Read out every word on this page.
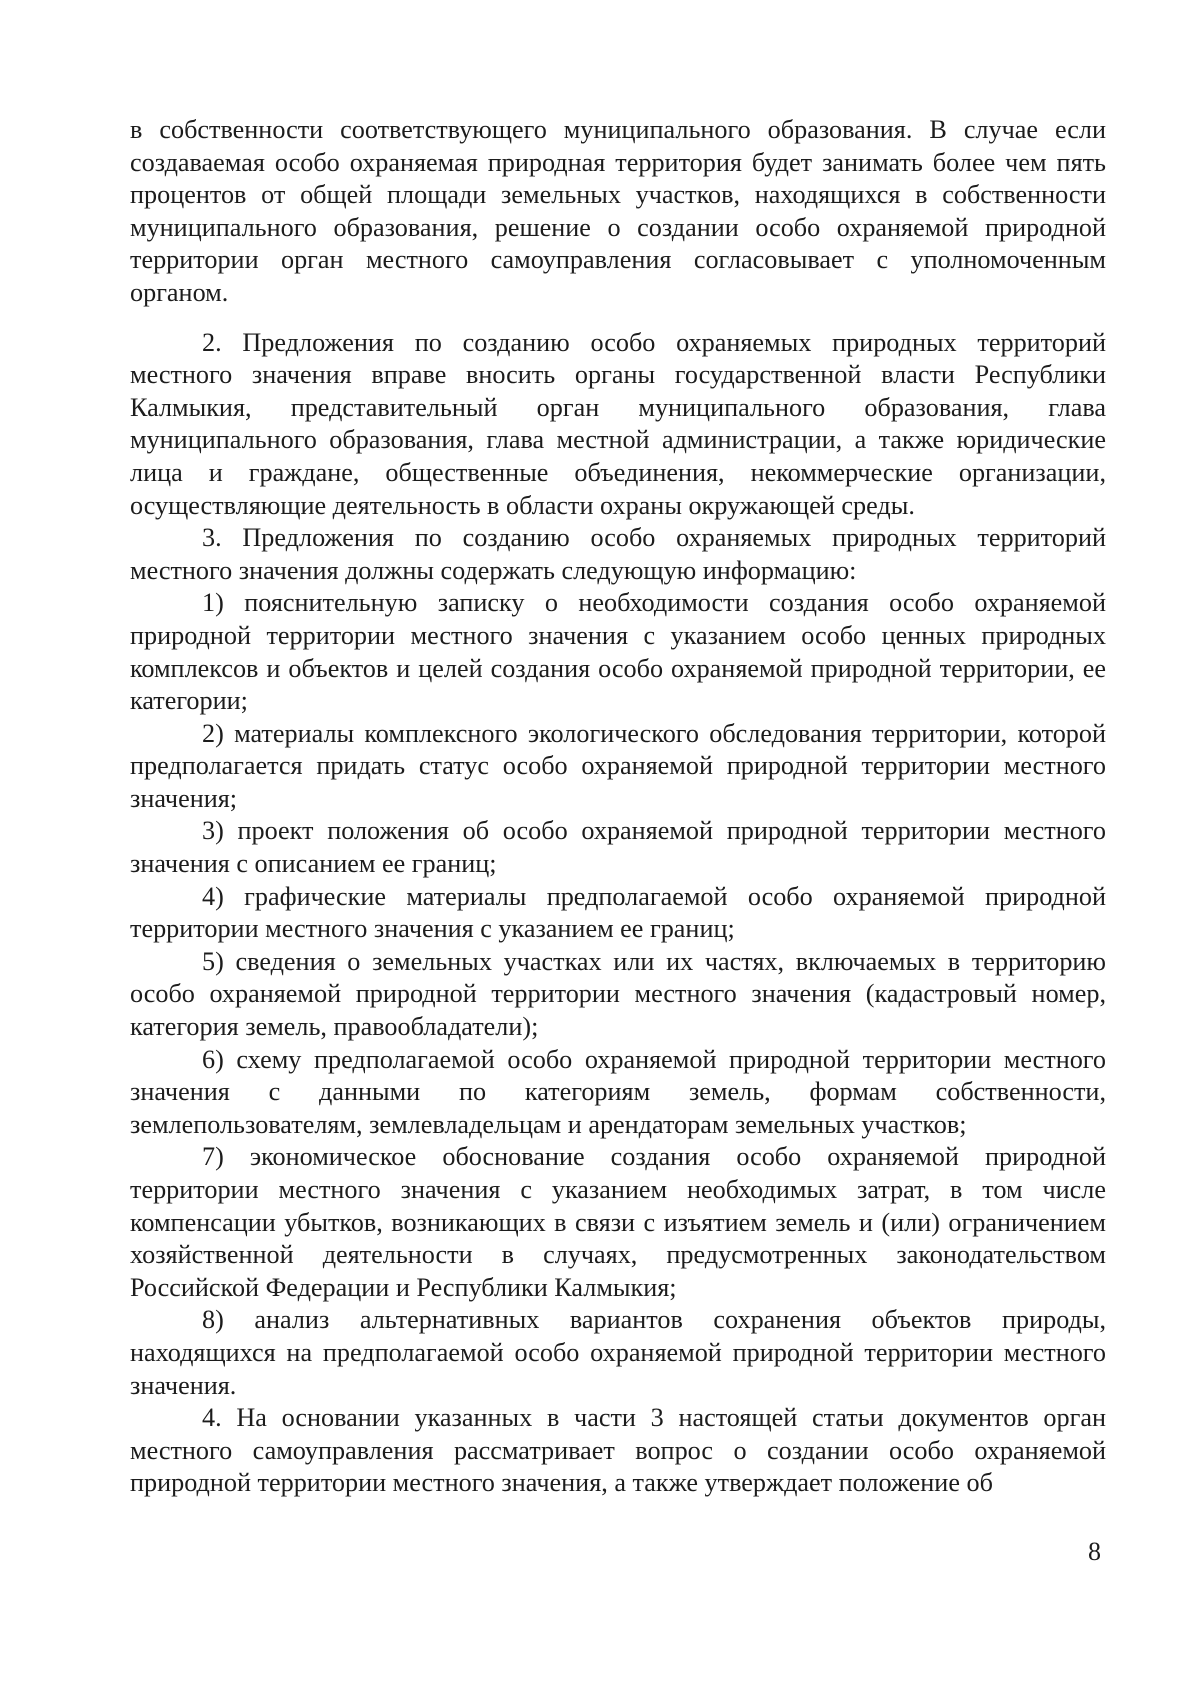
в собственности соответствующего муниципального образования. В случае если создаваемая особо охраняемая природная территория будет занимать более чем пять процентов от общей площади земельных участков, находящихся в собственности муниципального образования, решение о создании особо охраняемой природной территории орган местного самоуправления согласовывает с уполномоченным органом.

2. Предложения по созданию особо охраняемых природных территорий местного значения вправе вносить органы государственной власти Республики Калмыкия, представительный орган муниципального образования, глава муниципального образования, глава местной администрации, а также юридические лица и граждане, общественные объединения, некоммерческие организации, осуществляющие деятельность в области охраны окружающей среды.

3. Предложения по созданию особо охраняемых природных территорий местного значения должны содержать следующую информацию:

1) пояснительную записку о необходимости создания особо охраняемой природной территории местного значения с указанием особо ценных природных комплексов и объектов и целей создания особо охраняемой природной территории, ее категории;

2) материалы комплексного экологического обследования территории, которой предполагается придать статус особо охраняемой природной территории местного значения;

3) проект положения об особо охраняемой природной территории местного значения с описанием ее границ;

4) графические материалы предполагаемой особо охраняемой природной территории местного значения с указанием ее границ;

5) сведения о земельных участках или их частях, включаемых в территорию особо охраняемой природной территории местного значения (кадастровый номер, категория земель, правообладатели);

6) схему предполагаемой особо охраняемой природной территории местного значения с данными по категориям земель, формам собственности, землепользователям, землевладельцам и арендаторам земельных участков;

7) экономическое обоснование создания особо охраняемой природной территории местного значения с указанием необходимых затрат, в том числе компенсации убытков, возникающих в связи с изъятием земель и (или) ограничением хозяйственной деятельности в случаях, предусмотренных законодательством Российской Федерации и Республики Калмыкия;

8) анализ альтернативных вариантов сохранения объектов природы, находящихся на предполагаемой особо охраняемой природной территории местного значения.

4. На основании указанных в части 3 настоящей статьи документов орган местного самоуправления рассматривает вопрос о создании особо охраняемой природной территории местного значения, а также утверждает положение об

8
